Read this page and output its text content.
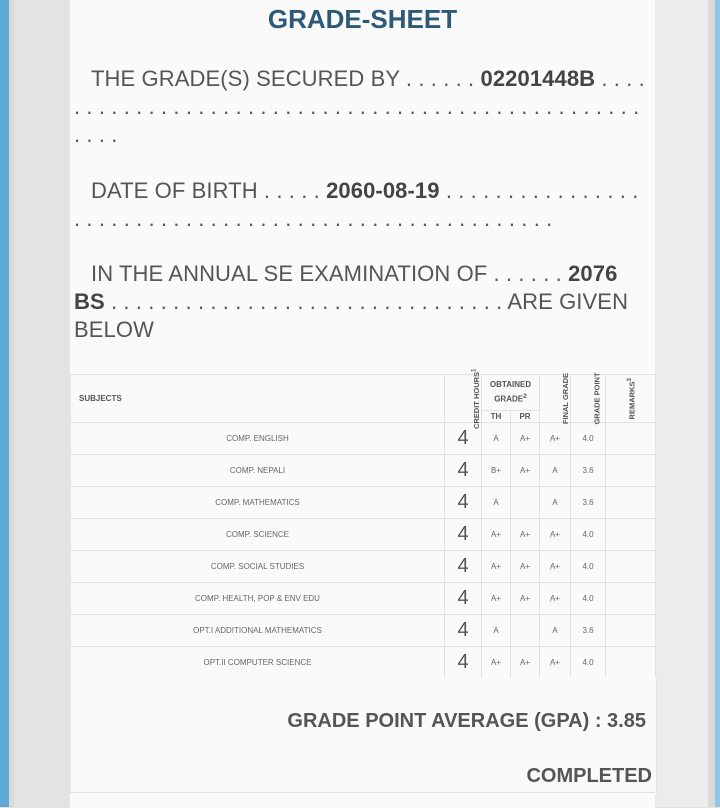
GRADE-SHEET

THE GRADE(S) SECURED BY . . . . . . 02201448B . . . . . . . . . . . . . . . . . . . . . . . . . . . . . . . . . . . . . . . . . . . . . . . . . . . . . .

DATE OF BIRTH . . . . . 2060-08-19 . . . . . . . . . . . . . . . . . . . . . . . . . . . . . . . . . . . . . . . . . . . . . . . . . . . . . . .

IN THE ANNUAL SE EXAMINATION OF . . . . . . 2076 BS . . . . . . . . . . . . . . . . . . . . . . . . . . . . . . . . ARE GIVEN BELOW

SUBJECTS	CREDIT HOURS$^1$	OBTAINED
GRADE$^2$		FINAL GRADE	GRADE POINT	REMARKS$^3$
		TH	PR			
COMP. ENGLISH	4	A	A+	A+	4.0	
COMP. NEPALI	4	B+	A+	A	3.6	
COMP. MATHEMATICS	4	A		A	3.6	
COMP. SCIENCE	4	A+	A+	A+	4.0	
COMP. SOCIAL STUDIES	4	A+	A+	A+	4.0	
COMP. HEALTH, POP & ENV EDU	4	A+	A+	A+	4.0	
OPT.I ADDITIONAL MATHEMATICS	4	A		A	3.6	
OPT.II COMPUTER SCIENCE	4	A+	A+	A+	4.0	

GRADE POINT AVERAGE (GPA) : 3.85

COMPLETED
